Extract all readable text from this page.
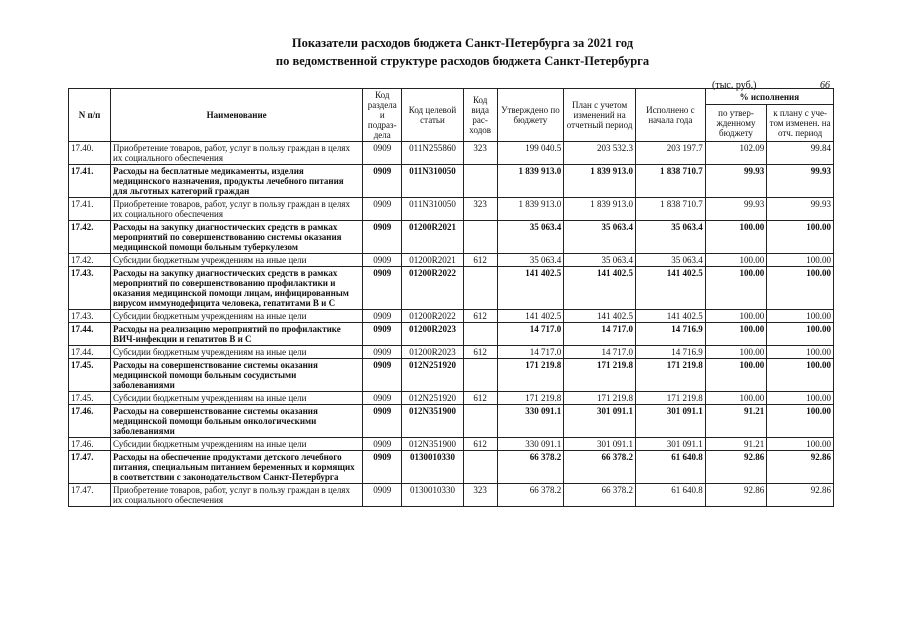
Показатели расходов бюджета Санкт-Петербурга за 2021 год
по ведомственной структуре расходов бюджета Санкт-Петербурга
(тыс. руб.)	66
N п/п	Наименование	Код раздела и подраз-дела	Код целевой статьи	Код вида рас-ходов	Утверждено по бюджету	План с учетом изменений на отчетный период	Исполнено с начала года	% исполнения	
								по утвер-жденному бюджету	к плану с уче-том изменен. на отч. период
17.40.	Приобретение товаров, работ, услуг в пользу граждан в целях их социального обеспечения	0909	011N255860	323	199 040.5	203 532.3	203 197.7	102.09	99.84
17.41.	Расходы на бесплатные медикаменты, изделия медицинского назначения, продукты лечебного питания для льготных категорий граждан	0909	011N310050		1 839 913.0	1 839 913.0	1 838 710.7	99.93	99.93
17.41.	Приобретение товаров, работ, услуг в пользу граждан в целях их социального обеспечения	0909	011N310050	323	1 839 913.0	1 839 913.0	1 838 710.7	99.93	99.93
17.42.	Расходы на закупку диагностических средств в рамках мероприятий по совершенствованию системы оказания медицинской помощи больным туберкулезом	0909	01200R2021		35 063.4	35 063.4	35 063.4	100.00	100.00
17.42.	Субсидии бюджетным учреждениям на иные цели	0909	01200R2021	612	35 063.4	35 063.4	35 063.4	100.00	100.00
17.43.	Расходы на закупку диагностических средств в рамках мероприятий по совершенствованию профилактики и оказания медицинской помощи лицам, инфицированным вирусом иммунодефицита человека, гепатитами В и С	0909	01200R2022		141 402.5	141 402.5	141 402.5	100.00	100.00
17.43.	Субсидии бюджетным учреждениям на иные цели	0909	01200R2022	612	141 402.5	141 402.5	141 402.5	100.00	100.00
17.44.	Расходы на реализацию мероприятий по профилактике ВИЧ-инфекции и гепатитов В и С	0909	01200R2023		14 717.0	14 717.0	14 716.9	100.00	100.00
17.44.	Субсидии бюджетным учреждениям на иные цели	0909	01200R2023	612	14 717.0	14 717.0	14 716.9	100.00	100.00
17.45.	Расходы на совершенствование системы оказания медицинской помощи больным сосудистыми заболеваниями	0909	012N251920		171 219.8	171 219.8	171 219.8	100.00	100.00
17.45.	Субсидии бюджетным учреждениям на иные цели	0909	012N251920	612	171 219.8	171 219.8	171 219.8	100.00	100.00
17.46.	Расходы на совершенствование системы оказания медицинской помощи больным онкологическими заболеваниями	0909	012N351900		330 091.1	301 091.1	301 091.1	91.21	100.00
17.46.	Субсидии бюджетным учреждениям на иные цели	0909	012N351900	612	330 091.1	301 091.1	301 091.1	91.21	100.00
17.47.	Расходы на обеспечение продуктами детского лечебного питания, специальным питанием беременных и кормящих в соответствии с законодательством Санкт-Петербурга	0909	0130010330		66 378.2	66 378.2	61 640.8	92.86	92.86
17.47.	Приобретение товаров, работ, услуг в пользу граждан в целях их социального обеспечения	0909	0130010330	323	66 378.2	66 378.2	61 640.8	92.86	92.86
